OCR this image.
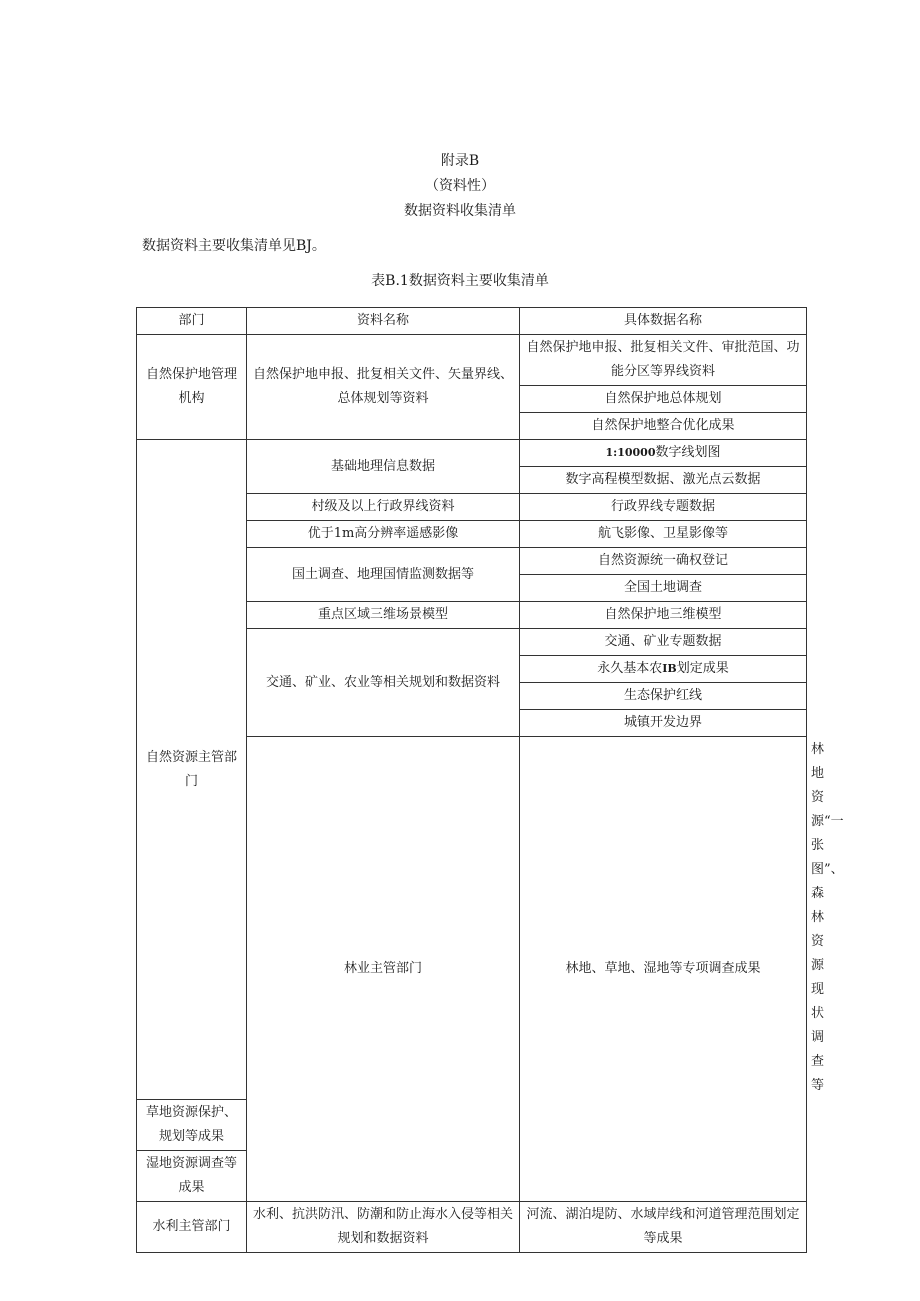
附录B
（资料性）
数据资料收集清单
数据资料主要收集清单见BJ。
表B.1数据资料主要收集清单
部门	资料名称	具体数据名称	
自然保护地管理机构	自然保护地申报、批复相关文件、矢量界线、总体规划等资料	自然保护地申报、批复相关文件、审批范国、功能分区等界线资料	
		自然保护地总体规划	
		自然保护地整合优化成果	
自然资源主管部门	基础地理信息数据	1:10000数字线划图	
		数字高程模型数据、激光点云数据	
	村级及以上行政界线资料	行政界线专题数据	
	优于1m高分辨率遥感影像	航飞影像、卫星影像等	
	国土调查、地理国情监测数据等	自然资源统一确权登记	
		全国土地调查	
	重点区域三维场景模型	自然保护地三维模型	
	交通、矿业、农业等相关规划和数据资料	交通、矿业专题数据	
		永久基本农IB划定成果	
		生态保护红线	
		城镇开发边界	
	林业主管部门	林地、草地、湿地等专项调查成果	林地资源“一张图”、森林资源现状调查等
草地资源保护、规划等成果			
湿地资源调查等成果			
水利主管部门	水利、抗洪防汛、防潮和防止海水入侵等相关规划和数据资料	河流、湖泊堤防、水域岸线和河道管理范围划定等成果	
